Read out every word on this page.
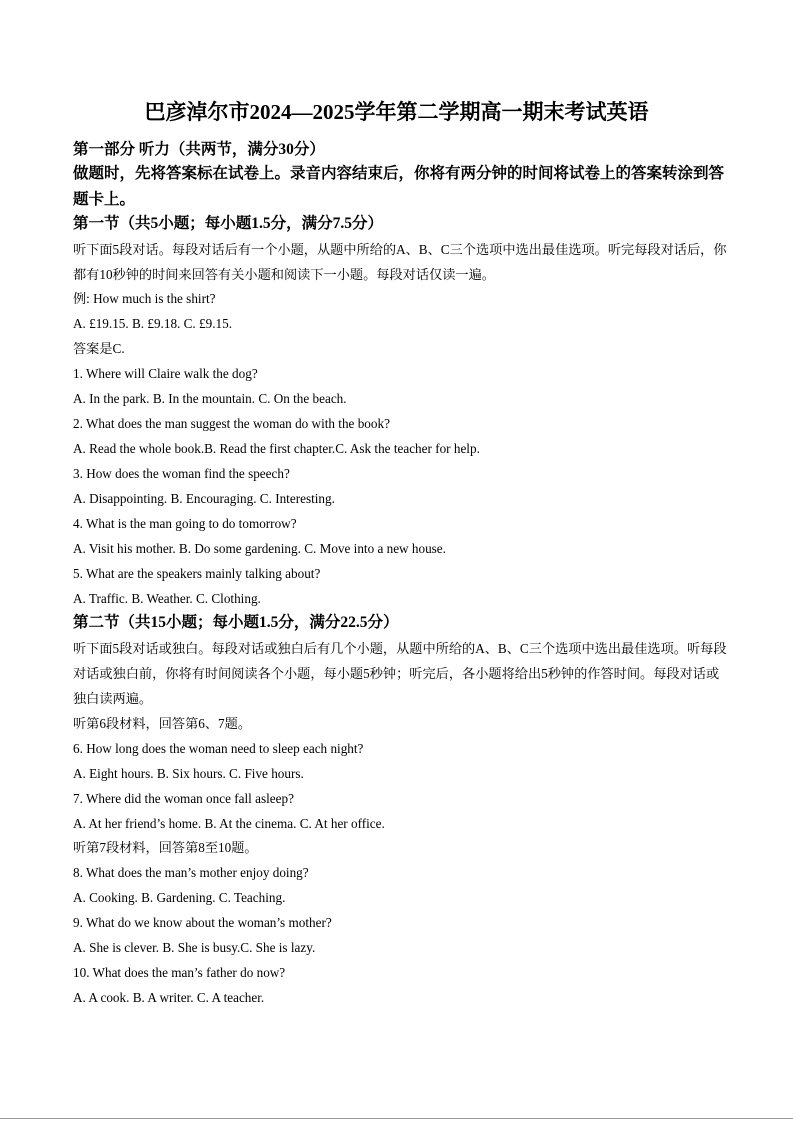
巴彦淖尔市2024—2025学年第二学期高一期末考试英语
第一部分 听力（共两节，满分30分）
做题时，先将答案标在试卷上。录音内容结束后，你将有两分钟的时间将试卷上的答案转涂到答题卡上。
第一节（共5小题；每小题1.5分，满分7.5分）
听下面5段对话。每段对话后有一个小题，从题中所给的A、B、C三个选项中选出最佳选项。听完每段对话后，你都有10秒钟的时间来回答有关小题和阅读下一小题。每段对话仅读一遍。
例: How much is the shirt?
A. £19.15. B. £9.18. C. £9.15.
答案是C.
1. Where will Claire walk the dog?
A. In the park. B. In the mountain. C. On the beach.
2. What does the man suggest the woman do with the book?
A. Read the whole book.B. Read the first chapter.C. Ask the teacher for help.
3. How does the woman find the speech?
A. Disappointing. B. Encouraging. C. Interesting.
4. What is the man going to do tomorrow?
A. Visit his mother. B. Do some gardening. C. Move into a new house.
5. What are the speakers mainly talking about?
A. Traffic. B. Weather. C. Clothing.
第二节（共15小题；每小题1.5分，满分22.5分）
听下面5段对话或独白。每段对话或独白后有几个小题，从题中所给的A、B、C三个选项中选出最佳选项。听每段对话或独白前，你将有时间阅读各个小题，每小题5秒钟；听完后，各小题将给出5秒钟的作答时间。每段对话或独白读两遍。
听第6段材料，回答第6、7题。
6. How long does the woman need to sleep each night?
A. Eight hours. B. Six hours. C. Five hours.
7. Where did the woman once fall asleep?
A. At her friend’s home. B. At the cinema. C. At her office.
听第7段材料，回答第8至10题。
8. What does the man’s mother enjoy doing?
A. Cooking. B. Gardening. C. Teaching.
9. What do we know about the woman’s mother?
A. She is clever. B. She is busy.C. She is lazy.
10. What does the man’s father do now?
A. A cook. B. A writer. C. A teacher.
